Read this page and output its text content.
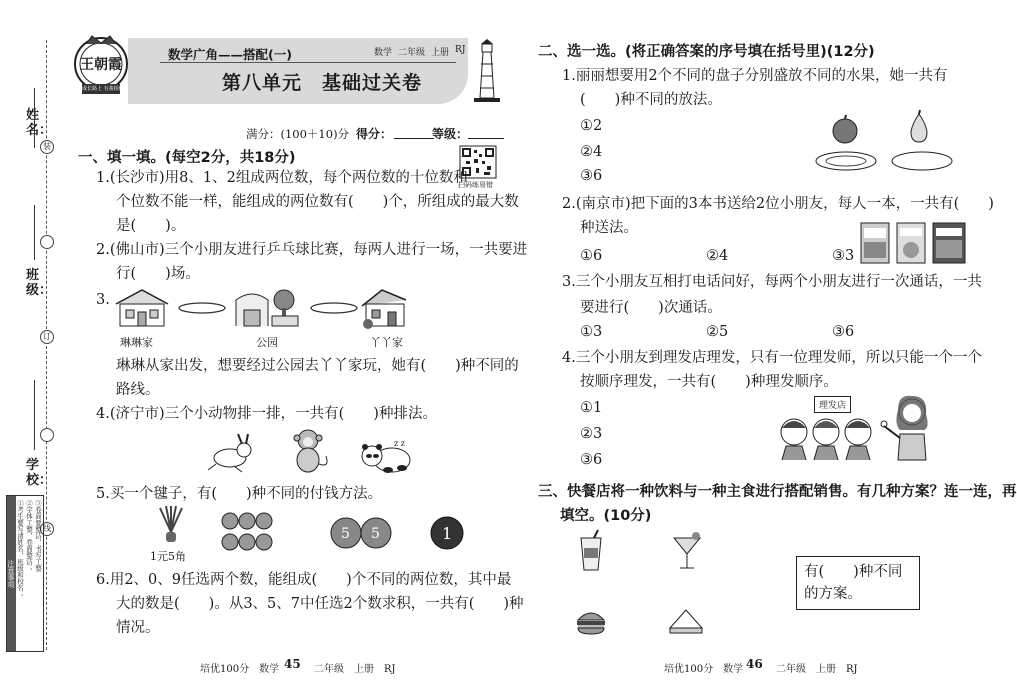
姓名：
班级：
学校：
装
订
线
注意事项 ①考生要写清姓名，班级和校名； ②字体工整，卷面整洁； ③卷面要整洁，书写工整
王朝霞
成长路上 有我相伴
数学广角——搭配(一)	数学 二年级 上册 RJ
第八单元　基础过关卷
满分：(100＋10)分 得分：	等级：
扫码练易错
一、填一填。(每空2分，共18分)
1.(长沙市)用8、1、2组成两位数，每个两位数的十位数和
个位数不能一样，能组成的两位数有(　　)个，所组成的最大数
是(　　)。
2.(佛山市)三个小朋友进行乒乓球比赛，每两人进行一场，一共要进
行(　　)场。
3.
琳琳家	公园	丫丫家
琳琳从家出发，想要经过公园去丫丫家玩，她有(　　)种不同的
路线。
4.(济宁市)三个小动物排一排，一共有(　　)种排法。
z z
5.买一个毽子，有(　　)种不同的付钱方法。
1元5角
5 5	1
6.用2、0、9任选两个数，能组成(　　)个不同的两位数，其中最
大的数是(　　)。从3、5、7中任选2个数求积，一共有(　　)种
情况。
培优100分　数学 45 二年级　上册　RJ
二、选一选。(将正确答案的序号填在括号里)(12分)
1.丽丽想要用2个不同的盘子分别盛放不同的水果，她一共有
(　　)种不同的放法。
①2
②4
③6
2.(南京市)把下面的3本书送给2位小朋友，每人一本，一共有(　　)
种送法。
①6	②4	③3
3.三个小朋友互相打电话问好，每两个小朋友进行一次通话，一共
要进行(　　)次通话。
①3	②5	③6
4.三个小朋友到理发店理发，只有一位理发师，所以只能一个一个
按顺序理发，一共有(　　)种理发顺序。
①1
②3
③6
理发店
三、快餐店将一种饮料与一种主食进行搭配销售。有几种方案？连一连，再
填空。(10分)
有(　　)种不同
的方案。
培优100分　数学 46 二年级　上册　RJ
